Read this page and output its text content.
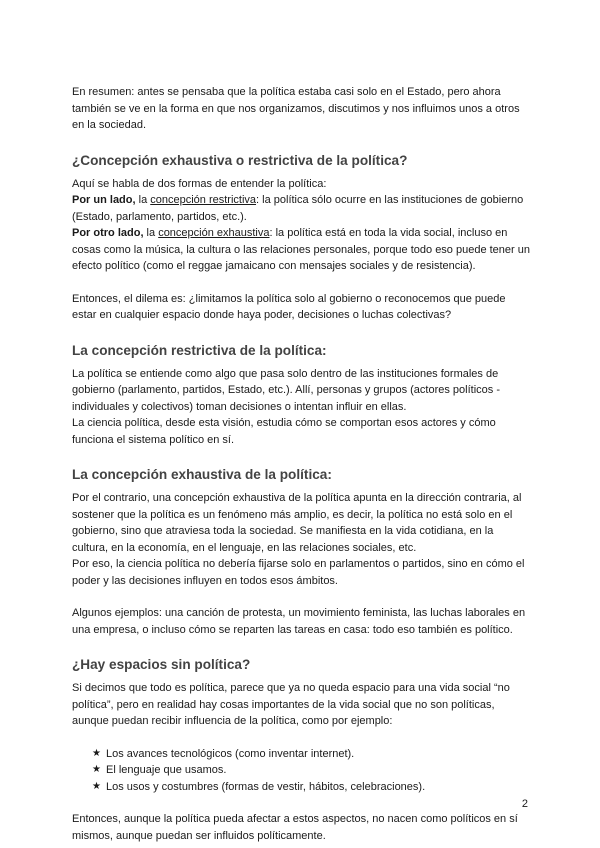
En resumen: antes se pensaba que la política estaba casi solo en el Estado, pero ahora también se ve en la forma en que nos organizamos, discutimos y nos influimos unos a otros en la sociedad.

¿Concepción exhaustiva o restrictiva de la política?

Aquí se habla de dos formas de entender la política:

Por un lado, la concepción restrictiva: la política sólo ocurre en las instituciones de gobierno (Estado, parlamento, partidos, etc.).

Por otro lado, la concepción exhaustiva: la política está en toda la vida social, incluso en cosas como la música, la cultura o las relaciones personales, porque todo eso puede tener un efecto político (como el reggae jamaicano con mensajes sociales y de resistencia).

Entonces, el dilema es: ¿limitamos la política solo al gobierno o reconocemos que puede estar en cualquier espacio donde haya poder, decisiones o luchas colectivas?

La concepción restrictiva de la política:

La política se entiende como algo que pasa solo dentro de las instituciones formales de gobierno (parlamento, partidos, Estado, etc.). Allí, personas y grupos (actores políticos - individuales y colectivos) toman decisiones o intentan influir en ellas.

La ciencia política, desde esta visión, estudia cómo se comportan esos actores y cómo funciona el sistema político en sí.

La concepción exhaustiva de la política:

Por el contrario, una concepción exhaustiva de la política apunta en la dirección contraria, al sostener que la política es un fenómeno más amplio, es decir, la política no está solo en el gobierno, sino que atraviesa toda la sociedad. Se manifiesta en la vida cotidiana, en la cultura, en la economía, en el lenguaje, en las relaciones sociales, etc.

Por eso, la ciencia política no debería fijarse solo en parlamentos o partidos, sino en cómo el poder y las decisiones influyen en todos esos ámbitos.

Algunos ejemplos: una canción de protesta, un movimiento feminista, las luchas laborales en una empresa, o incluso cómo se reparten las tareas en casa: todo eso también es político.

¿Hay espacios sin política?

Si decimos que todo es política, parece que ya no queda espacio para una vida social “no política”, pero en realidad hay cosas importantes de la vida social que no son políticas, aunque puedan recibir influencia de la política, como por ejemplo:

★ Los avances tecnológicos (como inventar internet).
★ El lenguaje que usamos.
★ Los usos y costumbres (formas de vestir, hábitos, celebraciones).

Entonces, aunque la política pueda afectar a estos aspectos, no nacen como políticos en sí mismos, aunque puedan ser influidos políticamente.

2
